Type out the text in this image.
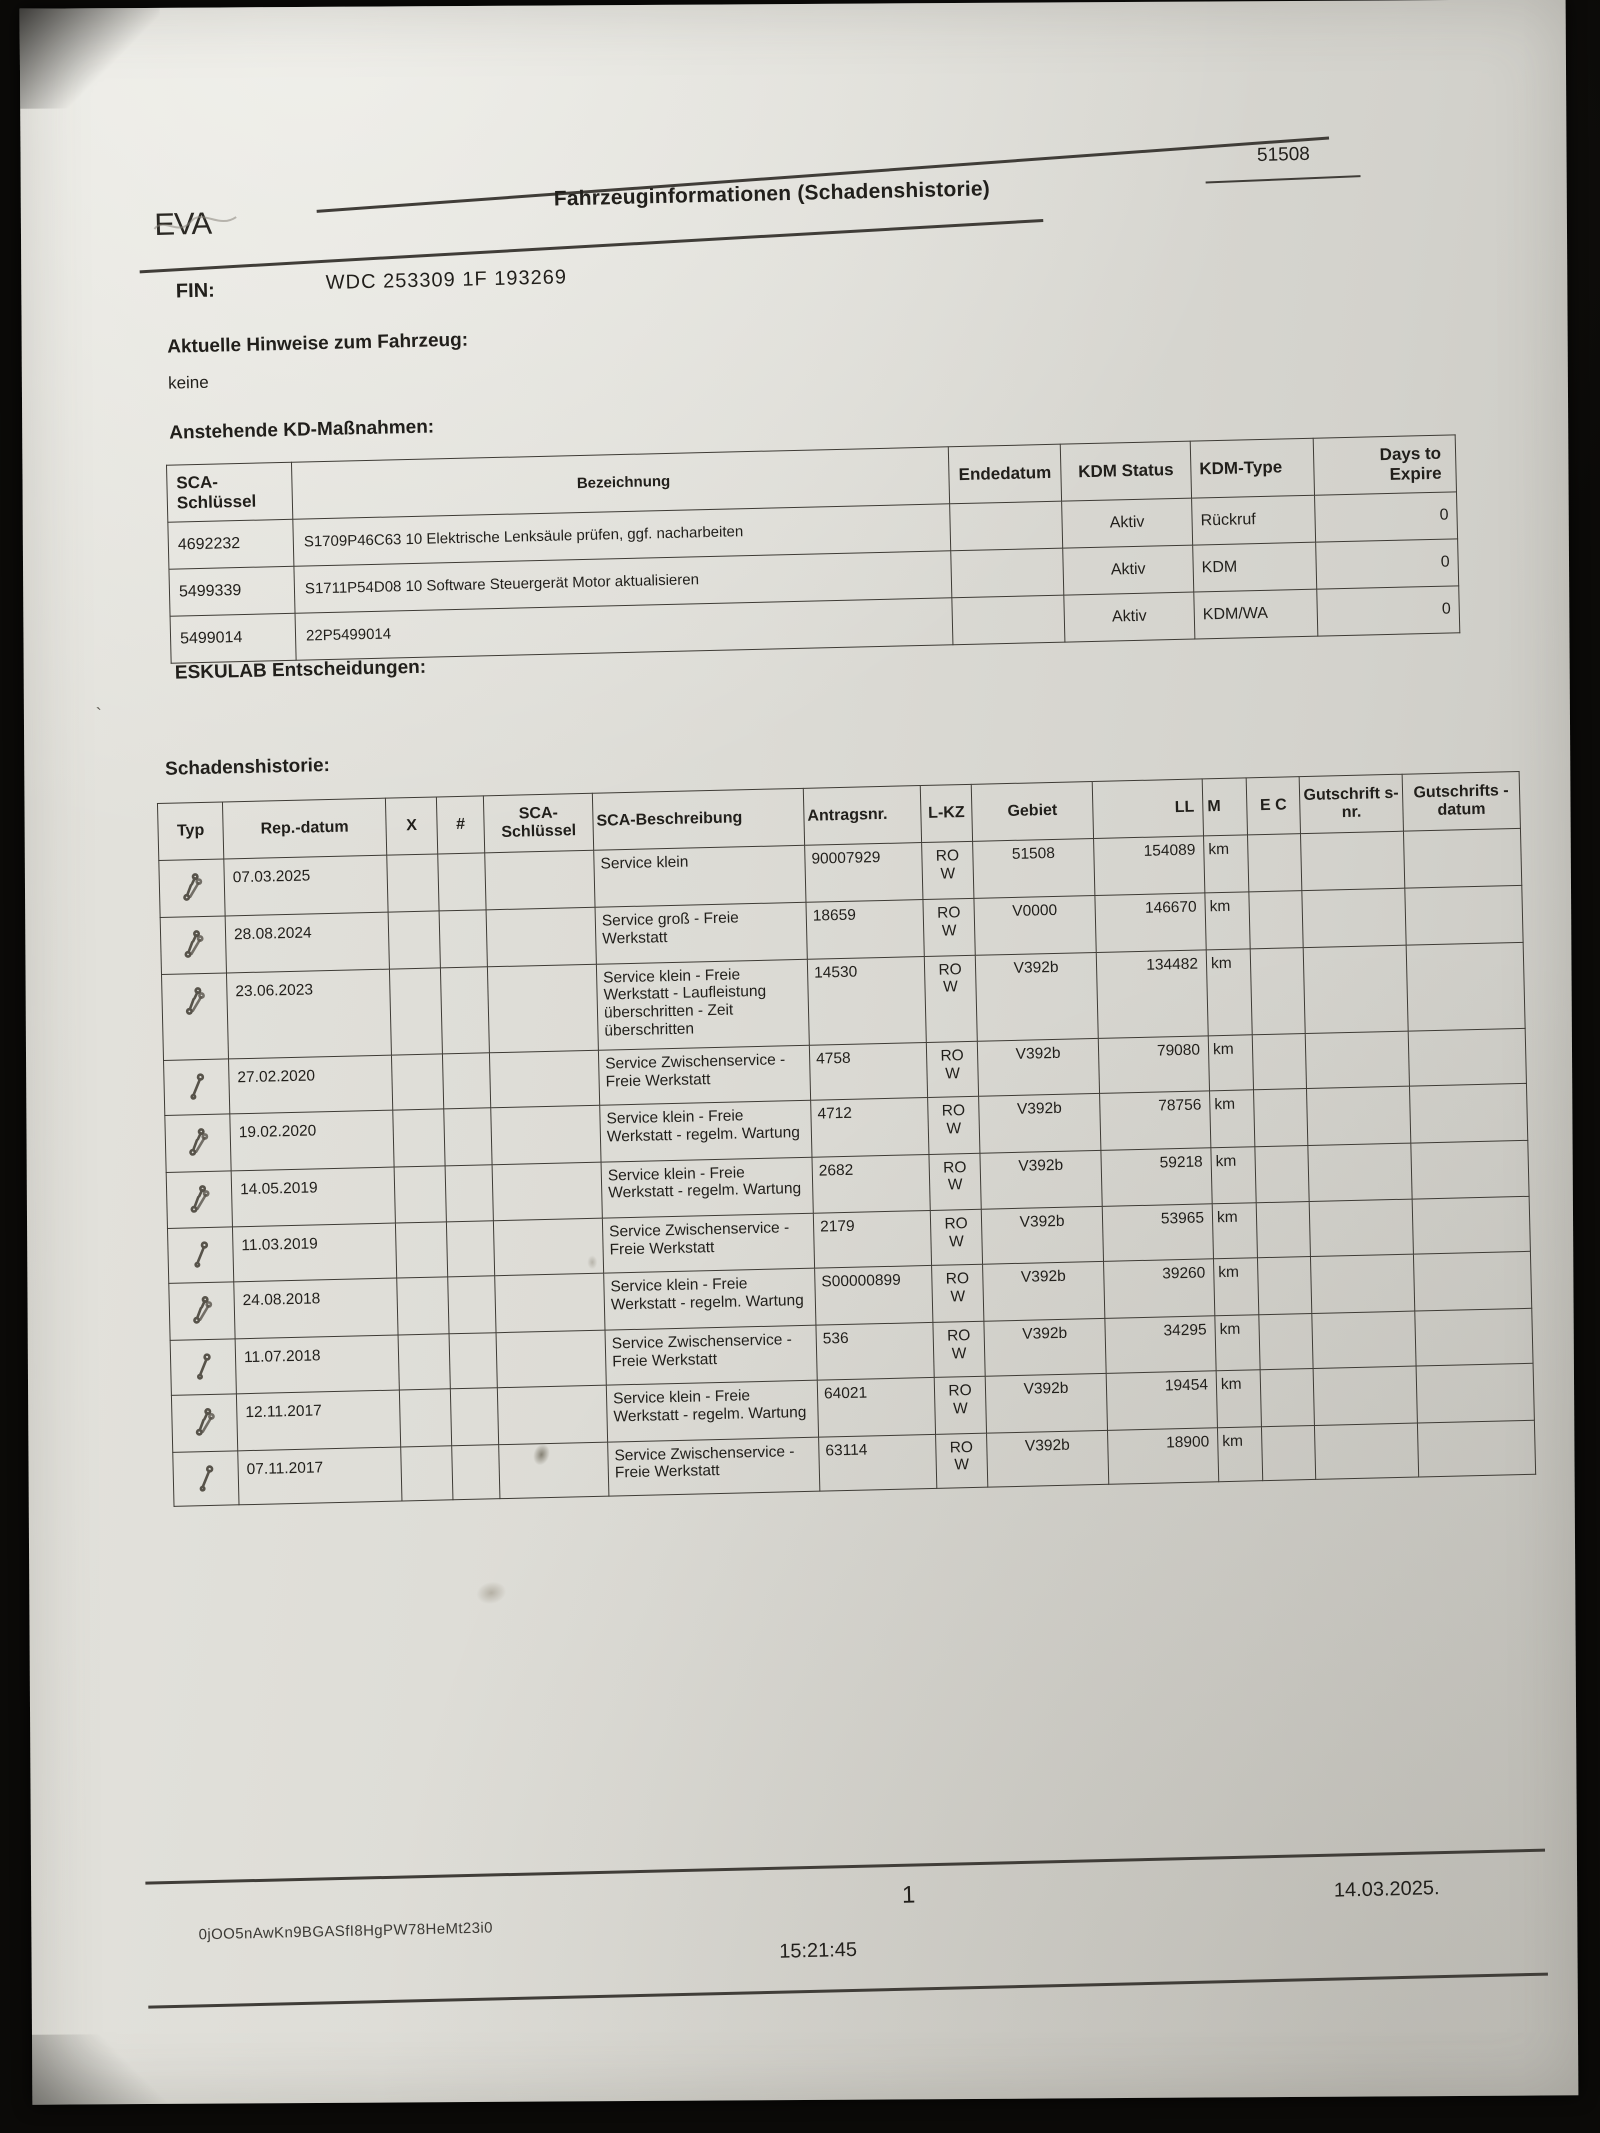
EVA
Fahrzeuginformationen (Schadenshistorie)
51508
FIN:	WDC 253309 1F 193269
Aktuelle Hinweise zum Fahrzeug:
keine
Anstehende KD-Maßnahmen:
SCA-Schlüssel	Bezeichnung	Endedatum	KDM Status	KDM-Type	Days to Expire
4692232	S1709P46C63 10 Elektrische Lenksäule prüfen, ggf. nacharbeiten		Aktiv	Rückruf	0
5499339	S1711P54D08 10 Software Steuergerät Motor aktualisieren		Aktiv	KDM	0
5499014	22P5499014		Aktiv	KDM/WA	0
ESKULAB Entscheidungen:
`
Schadenshistorie:
Typ	Rep.-datum	X	#	SCA-Schlüssel	SCA-Beschreibung	Antragsnr.	L-KZ	Gebiet	LL	M	E C	Gutschrift s-nr.	Gutschrifts -datum
	07.03.2025				Service klein	90007929	RO W	51508	154089	km			
	28.08.2024				Service groß - Freie Werkstatt	18659	RO W	V0000	146670	km			
	23.06.2023				Service klein - Freie Werkstatt - Laufleistung überschritten - Zeit überschritten	14530	RO W	V392b	134482	km			
	27.02.2020				Service Zwischenservice - Freie Werkstatt	4758	RO W	V392b	79080	km			
	19.02.2020				Service klein - Freie Werkstatt - regelm. Wartung	4712	RO W	V392b	78756	km			
	14.05.2019				Service klein - Freie Werkstatt - regelm. Wartung	2682	RO W	V392b	59218	km			
	11.03.2019				Service Zwischenservice - Freie Werkstatt	2179	RO W	V392b	53965	km			
	24.08.2018				Service klein - Freie Werkstatt - regelm. Wartung	S00000899	RO W	V392b	39260	km			
	11.07.2018				Service Zwischenservice - Freie Werkstatt	536	RO W	V392b	34295	km			
	12.11.2017				Service klein - Freie Werkstatt - regelm. Wartung	64021	RO W	V392b	19454	km			
	07.11.2017				Service Zwischenservice - Freie Werkstatt	63114	RO W	V392b	18900	km			
0jOO5nAwKn9BGASfI8HgPW78HeMt23i0
1
15:21:45
14.03.2025.
